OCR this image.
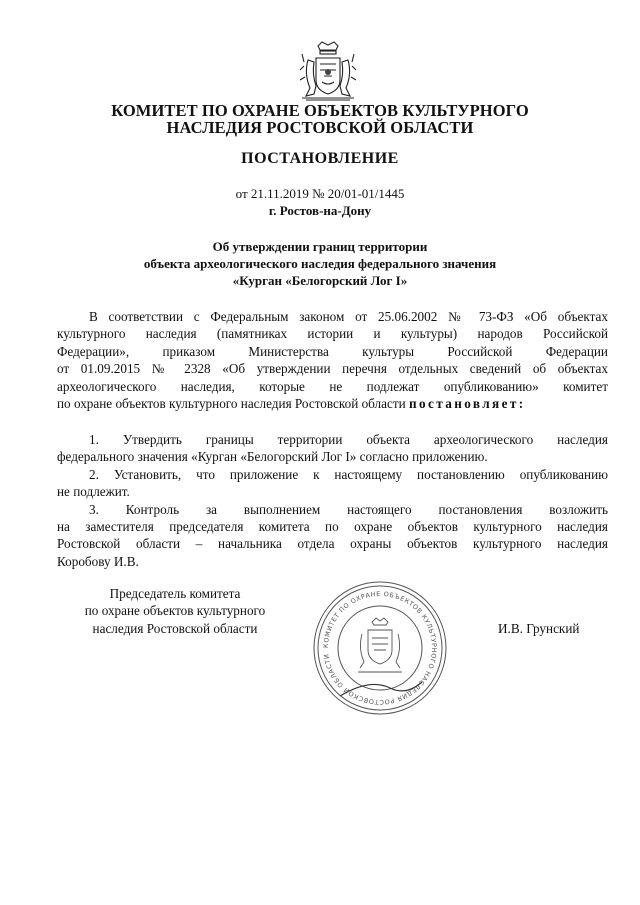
КОМИТЕТ ПО ОХРАНЕ ОБЪЕКТОВ КУЛЬТУРНОГО
НАСЛЕДИЯ РОСТОВСКОЙ ОБЛАСТИ
ПОСТАНОВЛЕНИЕ
от 21.11.2019 № 20/01-01/1445
г. Ростов-на-Дону
Об утверждении границ территории
объекта археологического наследия федерального значения
«Курган «Белогорский Лог I»
В соответствии с Федеральным законом от 25.06.2002 № 73-ФЗ «Об объектах
культурного наследия (памятниках истории и культуры) народов Российской
Федерации», приказом Министерства культуры Российской Федерации
от 01.09.2015 № 2328 «Об утверждении перечня отдельных сведений об объектах
археологического наследия, которые не подлежат опубликованию» комитет
по охране объектов культурного наследия Ростовской области постановляет:
1. Утвердить границы территории объекта археологического наследия
федерального значения «Курган «Белогорский Лог I» согласно приложению.
2. Установить, что приложение к настоящему постановлению опубликованию
не подлежит.
3. Контроль за выполнением настоящего постановления возложить
на заместителя председателя комитета по охране объектов культурного наследия
Ростовской области – начальника отдела охраны объектов культурного наследия
Коробову И.В.
Председатель комитета
по охране объектов культурного
наследия Ростовской области
КОМИТЕТ ПО ОХРАНЕ ОБЪЕКТОВ КУЛЬТУРНОГО НАСЛЕДИЯ РОСТОВСКОЙ ОБЛАСТИ
И.В. Грунский
